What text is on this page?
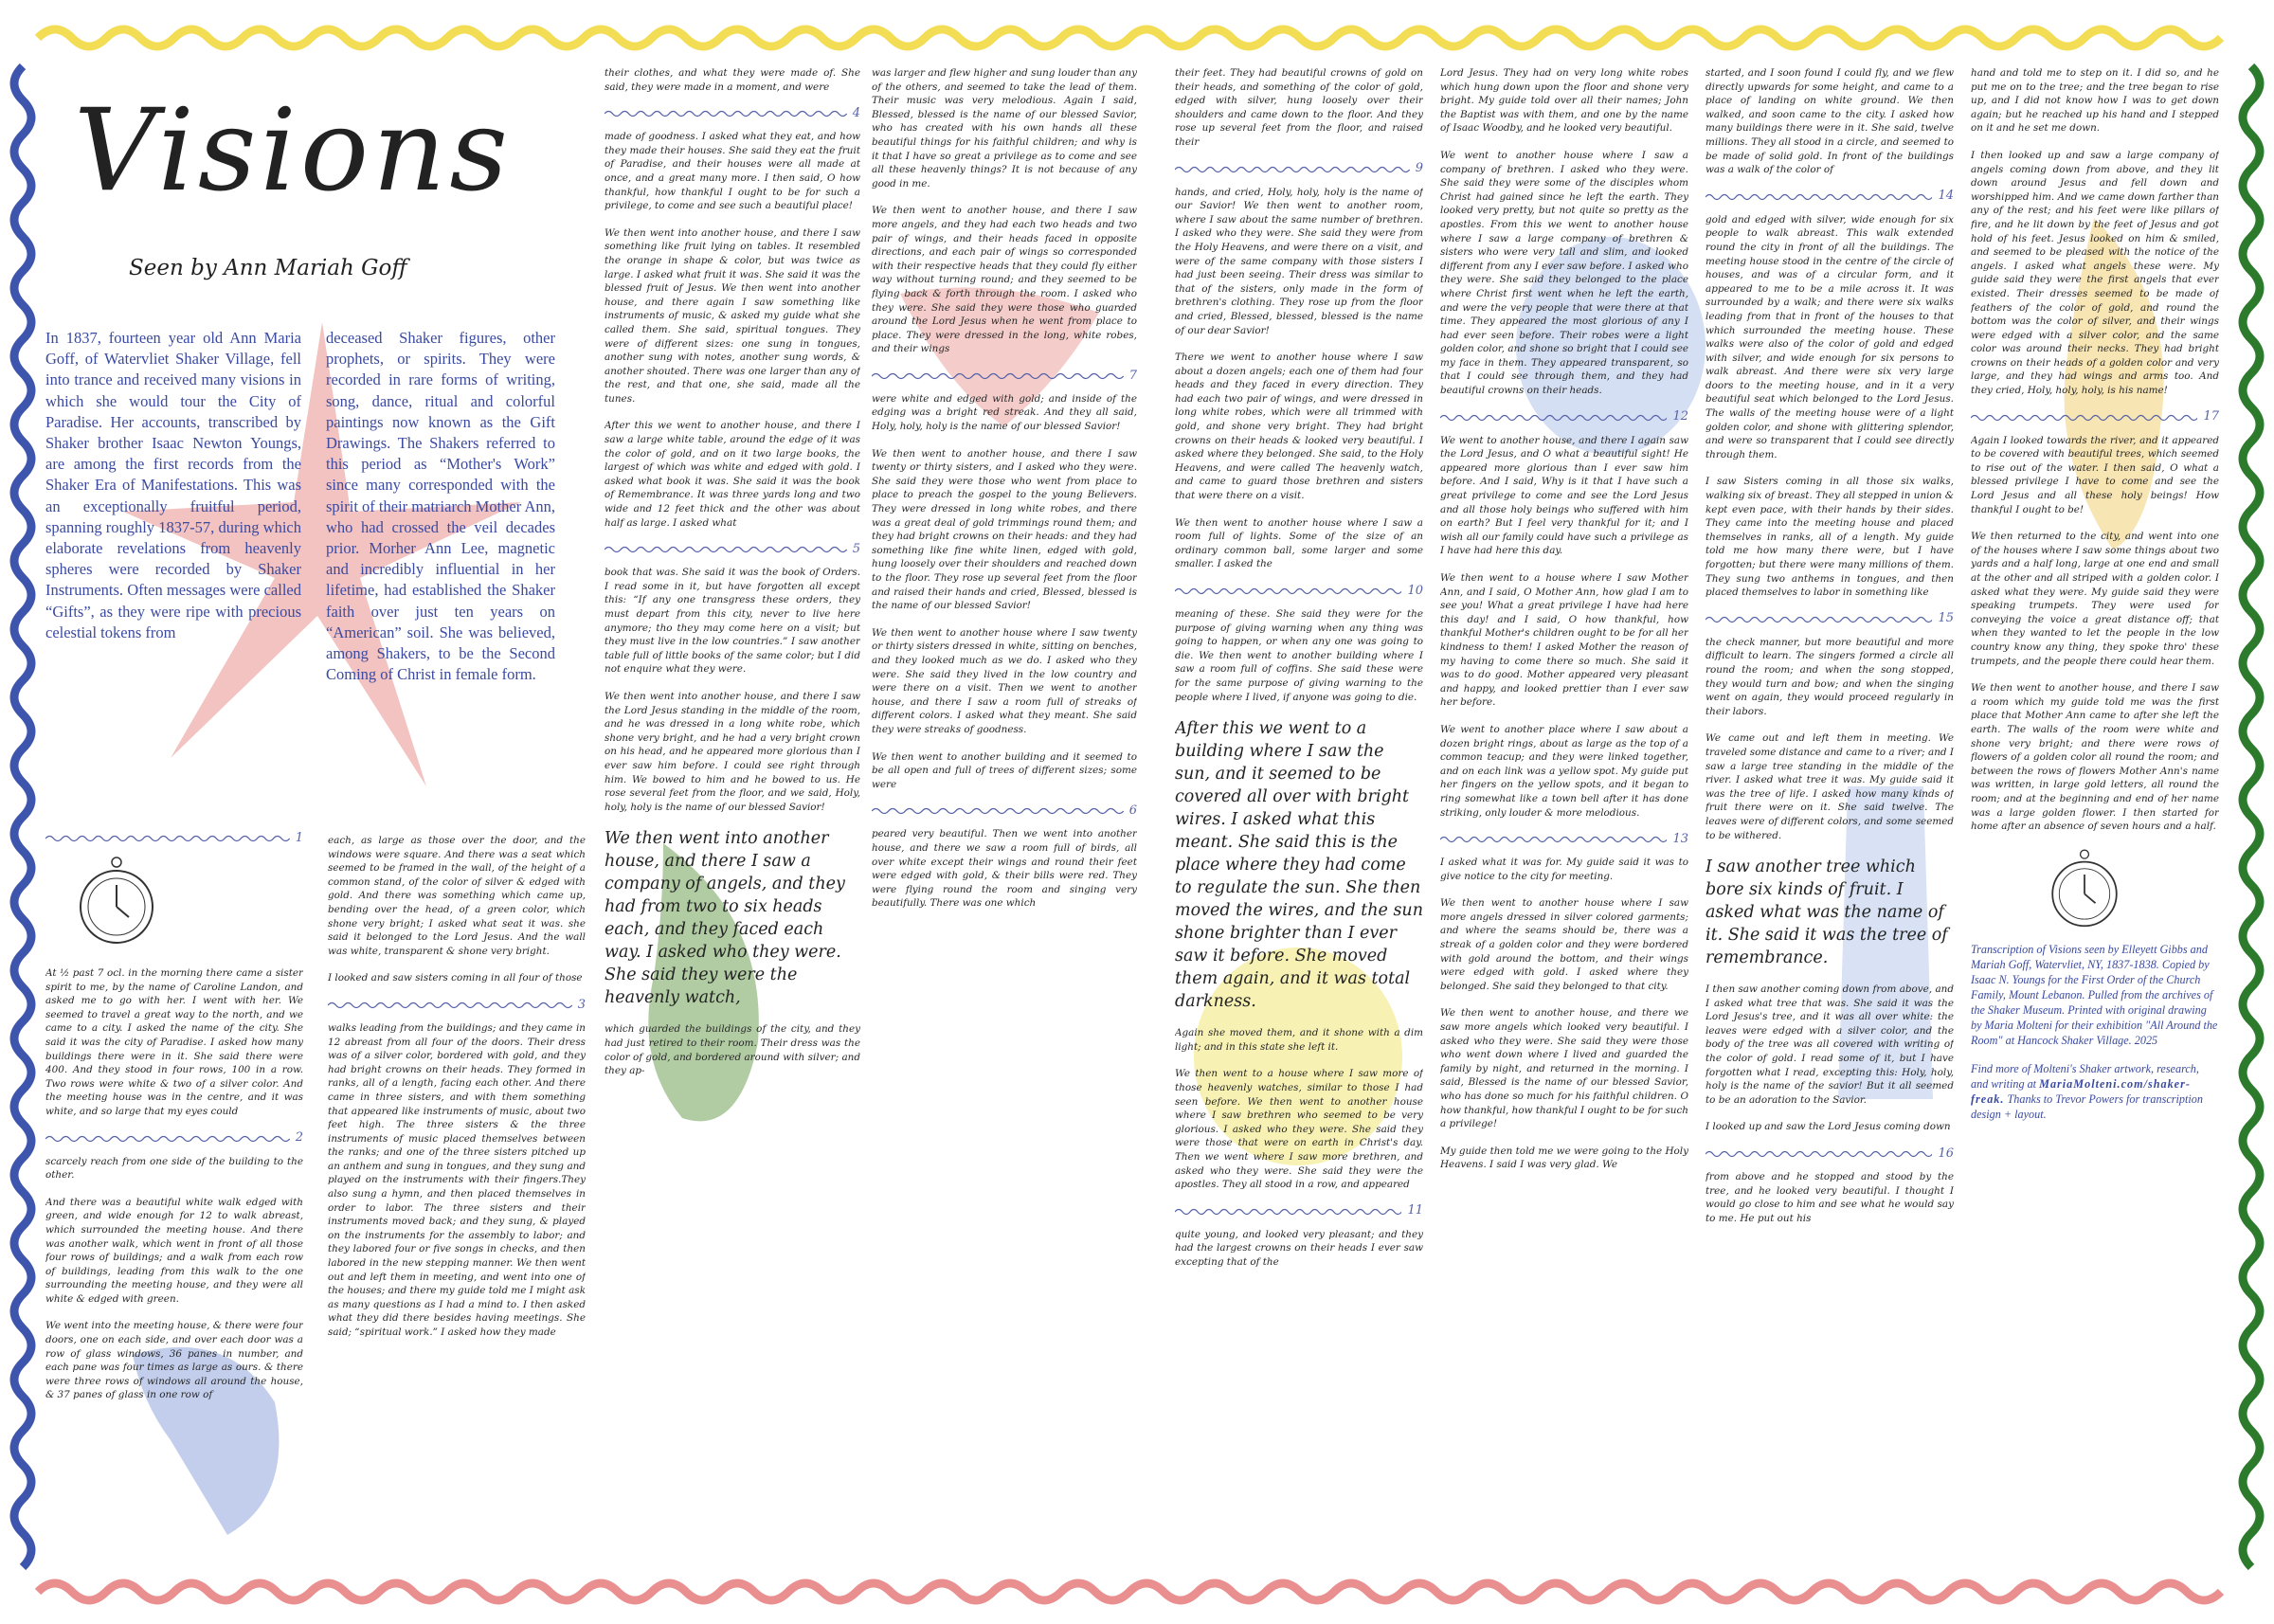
Visions
Seen by Ann Mariah Goff
In 1837, fourteen year old Ann Maria Goff, of Watervliet Shaker Village, fell into trance and received many visions in which she would tour the City of Paradise. Her accounts, transcribed by Shaker brother Isaac Newton Youngs, are among the first records from the Shaker Era of Manifestations. This was an exceptionally fruitful period, spanning roughly 1837-57, during which elaborate revelations from heavenly spheres were recorded by Shaker Instruments. Often messages were called “Gifts”, as they were ripe with precious celestial tokens from
deceased Shaker figures, other prophets, or spirits. They were recorded in rare forms of writing, song, dance, ritual and colorful paintings now known as the Gift Drawings. The Shakers referred to this period as “Mother's Work” since many corresponded with the spirit of their matriarch Mother Ann, who had crossed the veil decades prior. Morher Ann Lee, magnetic and incredibly influential in her lifetime, had established the Shaker faith over just ten years on “American” soil. She was believed, among Shakers, to be the Second Coming of Christ in female form.
1

At ½ past 7 ocl. in the morning there came a sister spirit to me, by the name of Caroline Landon, and asked me to go with her. I went with her. We seemed to travel a great way to the north, and we came to a city. I asked the name of the city. She said it was the city of Paradise. I asked how many buildings there were in it. She said there were 400. And they stood in four rows, 100 in a row. Two rows were white & two of a silver color. And the meeting house was in the centre, and it was white, and so large that my eyes could

2

scarcely reach from one side of the building to the other.

And there was a beautiful white walk edged with green, and wide enough for 12 to walk abreast, which surrounded the meeting house. And there was another walk, which went in front of all those four rows of buildings; and a walk from each row of buildings, leading from this walk to the one surrounding the meeting house, and they were all white & edged with green.

We went into the meeting house, & there were four doors, one on each side, and over each door was a row of glass windows, 36 panes in number, and each pane was four times as large as ours. & there were three rows of windows all around the house, & 37 panes of glass in one row of

each, as large as those over the door, and the windows were square. And there was a seat which seemed to be framed in the wall, of the height of a common stand, of the color of silver & edged with gold. And there was something which came up, bending over the head, of a green color, which shone very bright; I asked what seat it was. she said it belonged to the Lord Jesus. And the wall was white, transparent & shone very bright.

I looked and saw sisters coming in all four of those

3

walks leading from the buildings; and they came in 12 abreast from all four of the doors. Their dress was of a silver color, bordered with gold, and they had bright crowns on their heads. They formed in ranks, all of a length, facing each other. And there came in three sisters, and with them something that appeared like instruments of music, about two feet high. The three sisters & the three instruments of music placed themselves between the ranks; and one of the three sisters pitched up an anthem and sung in tongues, and they sung and played on the instruments with their fingers.They also sung a hymn, and then placed themselves in order to labor. The three sisters and their instruments moved back; and they sung, & played on the instruments for the assembly to labor; and they labored four or five songs in checks, and then labored in the new stepping manner. We then went out and left them in meeting, and went into one of the houses; and there my guide told me I might ask as many questions as I had a mind to. I then asked what they did there besides having meetings. She said; “spiritual work.” I asked how they made

their clothes, and what they were made of. She said, they were made in a moment, and were

4

made of goodness. I asked what they eat, and how they made their houses. She said they eat the fruit of Paradise, and their houses were all made at once, and a great many more. I then said, O how thankful, how thankful I ought to be for such a privilege, to come and see such a beautiful place!

We then went into another house, and there I saw something like fruit lying on tables. It resembled the orange in shape & color, but was twice as large. I asked what fruit it was. She said it was the blessed fruit of Jesus. We then went into another house, and there again I saw something like instruments of music, & asked my guide what she called them. She said, spiritual tongues. They were of different sizes: one sung in tongues, another sung with notes, another sung words, & another shouted. There was one larger than any of the rest, and that one, she said, made all the tunes.

After this we went to another house, and there I saw a large white table, around the edge of it was the color of gold, and on it two large books, the largest of which was white and edged with gold. I asked what book it was. She said it was the book of Remembrance. It was three yards long and two wide and 12 feet thick and the other was about half as large. I asked what

5

book that was. She said it was the book of Orders. I read some in it, but have forgotten all except this: “If any one transgress these orders, they must depart from this city, never to live here anymore; tho they may come here on a visit; but they must live in the low countries.” I saw another table full of little books of the same color; but I did not enquire what they were.

We then went into another house, and there I saw the Lord Jesus standing in the middle of the room, and he was dressed in a long white robe, which shone very bright, and he had a very bright crown on his head, and he appeared more glorious than I ever saw him before. I could see right through him. We bowed to him and he bowed to us. He rose several feet from the floor, and we said, Holy, holy, holy is the name of our blessed Savior!

We then went into another house, and there I saw a company of angels, and they had from two to six heads each, and they faced each way. I asked who they were. She said they were the heavenly watch,

which guarded the buildings of the city, and they had just retired to their room. Their dress was the color of gold, and bordered around with silver; and they ap-

was larger and flew higher and sung louder than any of the others, and seemed to take the lead of them. Their music was very melodious. Again I said, Blessed, blessed is the name of our blessed Savior, who has created with his own hands all these beautiful things for his faithful children; and why is it that I have so great a privilege as to come and see all these heavenly things? It is not because of any good in me.

We then went to another house, and there I saw more angels, and they had each two heads and two pair of wings, and their heads faced in opposite directions, and each pair of wings so corresponded with their respective heads that they could fly either way without turning round; and they seemed to be flying back & forth through the room. I asked who they were. She said they were those who guarded around the Lord Jesus when he went from place to place. They were dressed in the long, white robes, and their wings

7

were white and edged with gold; and inside of the edging was a bright red streak. And they all said, Holy, holy, holy is the name of our blessed Savior!

We then went to another house, and there I saw twenty or thirty sisters, and I asked who they were. She said they were those who went from place to place to preach the gospel to the young Believers. They were dressed in long white robes, and there was a great deal of gold trimmings round them; and they had bright crowns on their heads: and they had something like fine white linen, edged with gold, hung loosely over their shoulders and reached down to the floor. They rose up several feet from the floor and raised their hands and cried, Blessed, blessed is the name of our blessed Savior!

We then went to another house where I saw twenty or thirty sisters dressed in white, sitting on benches, and they looked much as we do. I asked who they were. She said they lived in the low country and were there on a visit. Then we went to another house, and there I saw a room full of streaks of different colors. I asked what they meant. She said they were streaks of goodness.

We then went to another building and it seemed to be all open and full of trees of different sizes; some were

6

peared very beautiful. Then we went into another house, and there we saw a room full of birds, all over white except their wings and round their feet were edged with gold, & their bills were red. They were flying round the room and singing very beautifully. There was one which

their feet. They had beautiful crowns of gold on their heads, and something of the color of gold, edged with silver, hung loosely over their shoulders and came down to the floor. And they rose up several feet from the floor, and raised their

9

hands, and cried, Holy, holy, holy is the name of our Savior! We then went to another room, where I saw about the same number of brethren. I asked who they were. She said they were from the Holy Heavens, and were there on a visit, and were of the same company with those sisters I had just been seeing. Their dress was similar to that of the sisters, only made in the form of brethren's clothing. They rose up from the floor and cried, Blessed, blessed, blessed is the name of our dear Savior!

There we went to another house where I saw about a dozen angels; each one of them had four heads and they faced in every direction. They had each two pair of wings, and were dressed in long white robes, which were all trimmed with gold, and shone very bright. They had bright crowns on their heads & looked very beautiful. I asked where they belonged. She said, to the Holy Heavens, and were called The heavenly watch, and came to guard those brethren and sisters that were there on a visit.

We then went to another house where I saw a room full of lights. Some of the size of an ordinary common ball, some larger and some smaller. I asked the

10

meaning of these. She said they were for the purpose of giving warning when any thing was going to happen, or when any one was going to die. We then went to another building where I saw a room full of coffins. She said these were for the same purpose of giving warning to the people where I lived, if anyone was going to die.

After this we went to a building where I saw the sun, and it seemed to be covered all over with bright wires. I asked what this meant. She said this is the place where they had come to regulate the sun. She then moved the wires, and the sun shone brighter than I ever saw it before. She moved them again, and it was total darkness.

Again she moved them, and it shone with a dim light; and in this state she left it.

We then went to a house where I saw more of those heavenly watches, similar to those I had seen before. We then went to another house where I saw brethren who seemed to be very glorious. I asked who they were. She said they were those that were on earth in Christ's day. Then we went where I saw more brethren, and asked who they were. She said they were the apostles. They all stood in a row, and appeared

11

quite young, and looked very pleasant; and they had the largest crowns on their heads I ever saw excepting that of the

Lord Jesus. They had on very long white robes which hung down upon the floor and shone very bright. My guide told over all their names; John the Baptist was with them, and one by the name of Isaac Woodby, and he looked very beautiful.

We went to another house where I saw a company of brethren. I asked who they were. She said they were some of the disciples whom Christ had gained since he left the earth. They looked very pretty, but not quite so pretty as the apostles. From this we went to another house where I saw a large company of brethren & sisters who were very tall and slim, and looked different from any I ever saw before. I asked who they were. She said they belonged to the place where Christ first went when he left the earth, and were the very people that were there at that time. They appeared the most glorious of any I had ever seen before. Their robes were a light golden color, and shone so bright that I could see my face in them. They appeared transparent, so that I could see through them, and they had beautiful crowns on their heads.

12

We went to another house, and there I again saw the Lord Jesus, and O what a beautiful sight! He appeared more glorious than I ever saw him before. And I said, Why is it that I have such a great privilege to come and see the Lord Jesus and all those holy beings who suffered with him on earth? But I feel very thankful for it; and I wish all our family could have such a privilege as I have had here this day.

We then went to a house where I saw Mother Ann, and I said, O Mother Ann, how glad I am to see you! What a great privilege I have had here this day! and I said, O how thankful, how thankful Mother's children ought to be for all her kindness to them! I asked Mother the reason of my having to come there so much. She said it was to do good. Mother appeared very pleasant and happy, and looked prettier than I ever saw her before.

We went to another place where I saw about a dozen bright rings, about as large as the top of a common teacup; and they were linked together, and on each link was a yellow spot. My guide put her fingers on the yellow spots, and it began to ring somewhat like a town bell after it has done striking, only louder & more melodious.

13

I asked what it was for. My guide said it was to give notice to the city for meeting.

We then went to another house where I saw more angels dressed in silver colored garments; and where the seams should be, there was a streak of a golden color and they were bordered with gold around the bottom, and their wings were edged with gold. I asked where they belonged. She said they belonged to that city.

We then went to another house, and there we saw more angels which looked very beautiful. I asked who they were. She said they were those who went down where I lived and guarded the family by night, and returned in the morning. I said, Blessed is the name of our blessed Savior, who has done so much for his faithful children. O how thankful, how thankful I ought to be for such a privilege!

My guide then told me we were going to the Holy Heavens. I said I was very glad. We

started, and I soon found I could fly, and we flew directly upwards for some height, and came to a place of landing on white ground. We then walked, and soon came to the city. I asked how many buildings there were in it. She said, twelve millions. They all stood in a circle, and seemed to be made of solid gold. In front of the buildings was a walk of the color of

14

gold and edged with silver, wide enough for six people to walk abreast. This walk extended round the city in front of all the buildings. The meeting house stood in the centre of the circle of houses, and was of a circular form, and it appeared to me to be a mile across it. It was surrounded by a walk; and there were six walks leading from that in front of the houses to that which surrounded the meeting house. These walks were also of the color of gold and edged with silver, and wide enough for six persons to walk abreast. And there were six very large doors to the meeting house, and in it a very beautiful seat which belonged to the Lord Jesus. The walls of the meeting house were of a light golden color, and shone with glittering splendor, and were so transparent that I could see directly through them.

I saw Sisters coming in all those six walks, walking six of breast. They all stepped in union & kept even pace, with their hands by their sides. They came into the meeting house and placed themselves in ranks, all of a length. My guide told me how many there were, but I have forgotten; but there were many millions of them. They sung two anthems in tongues, and then placed themselves to labor in something like

15

the check manner, but more beautiful and more difficult to learn. The singers formed a circle all round the room; and when the song stopped, they would turn and bow; and when the singing went on again, they would proceed regularly in their labors.

We came out and left them in meeting. We traveled some distance and came to a river; and I saw a large tree standing in the middle of the river. I asked what tree it was. My guide said it was the tree of life. I asked how many kinds of fruit there were on it. She said twelve. The leaves were of different colors, and some seemed to be withered.

I saw another tree which bore six kinds of fruit. I asked what was the name of it. She said it was the tree of remembrance.

I then saw another coming down from above, and I asked what tree that was. She said it was the Lord Jesus's tree, and it was all over white: the leaves were edged with a silver color, and the body of the tree was all covered with writing of the color of gold. I read some of it, but I have forgotten what I read, excepting this: Holy, holy, holy is the name of the savior! But it all seemed to be an adoration to the Savior.

I looked up and saw the Lord Jesus coming down

16

from above and he stopped and stood by the tree, and he looked very beautiful. I thought I would go close to him and see what he would say to me. He put out his

hand and told me to step on it. I did so, and he put me on to the tree; and the tree began to rise up, and I did not know how I was to get down again; but he reached up his hand and I stepped on it and he set me down.

I then looked up and saw a large company of angels coming down from above, and they lit down around Jesus and fell down and worshipped him. And we came down farther than any of the rest; and his feet were like pillars of fire, and he lit down by the feet of Jesus and got hold of his feet. Jesus looked on him & smiled, and seemed to be pleased with the notice of the angels. I asked what angels these were. My guide said they were the first angels that ever existed. Their dresses seemed to be made of feathers of the color of gold, and round the bottom was the color of silver, and their wings were edged with a silver color, and the same color was around their necks. They had bright crowns on their heads of a golden color and very large, and they had wings and arms too. And they cried, Holy, holy, holy, is his name!

17

Again I looked towards the river, and it appeared to be covered with beautiful trees, which seemed to rise out of the water. I then said, O what a blessed privilege I have to come and see the Lord Jesus and all these holy beings! How thankful I ought to be!

We then returned to the city, and went into one of the houses where I saw some things about two yards and a half long, large at one end and small at the other and all striped with a golden color. I asked what they were. My guide said they were speaking trumpets. They were used for conveying the voice a great distance off; that when they wanted to let the people in the low country know any thing, they spoke thro' these trumpets, and the people there could hear them.

We then went to another house, and there I saw a room which my guide told me was the first place that Mother Ann came to after she left the earth. The walls of the room were white and shone very bright; and there were rows of flowers of a golden color all round the room; and between the rows of flowers Mother Ann's name was written, in large gold letters, all round the room; and at the beginning and end of her name was a large golden flower. I then started for home after an absence of seven hours and a half.

Transcription of Visions seen by Elleyett Gibbs and Mariah Goff, Watervliet, NY, 1837-1838. Copied by Isaac N. Youngs for the First Order of the Church Family, Mount Lebanon. Pulled from the archives of the Shaker Museum. Printed with original drawing by Maria Molteni for their exhibition "All Around the Room" at Hancock Shaker Village. 2025

Find more of Molteni's Shaker artwork, research, and writing at MariaMolteni.com/shaker-freak. Thanks to Trevor Powers for transcription design + layout.
